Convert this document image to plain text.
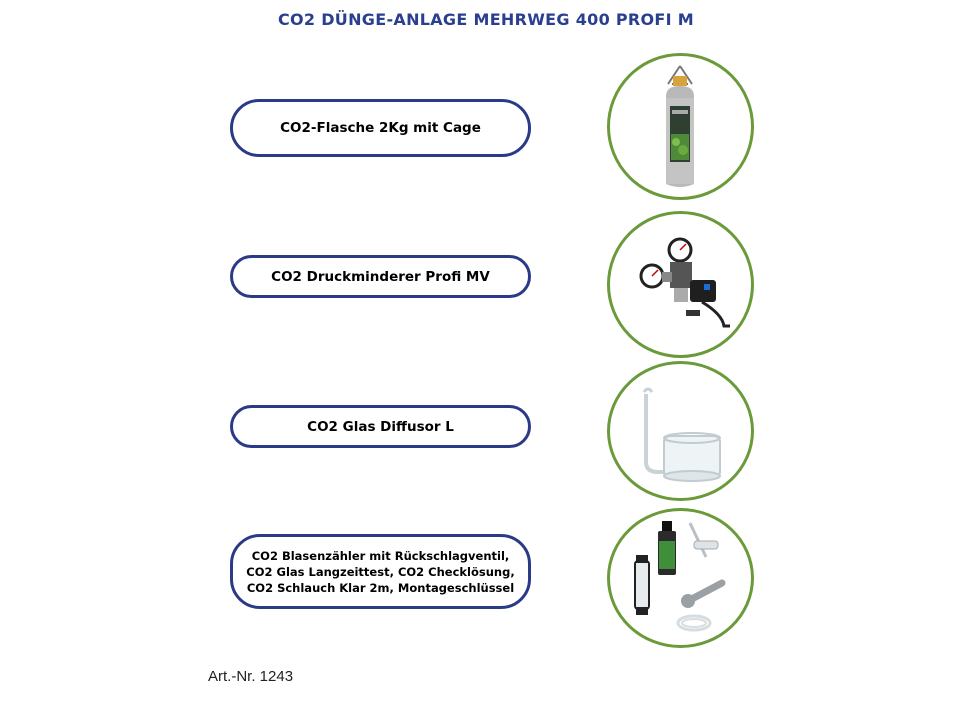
CO2 DÜNGE-ANLAGE MEHRWEG 400 PROFI M
CO2-Flasche 2Kg mit Cage
CO2 Druckminderer Profi MV
CO2 Glas Diffusor L
CO2 Blasenzähler mit Rückschlagventil,
CO2 Glas Langzeittest, CO2 Checklösung,
CO2 Schlauch Klar 2m, Montageschlüssel
Art.-Nr. 1243
